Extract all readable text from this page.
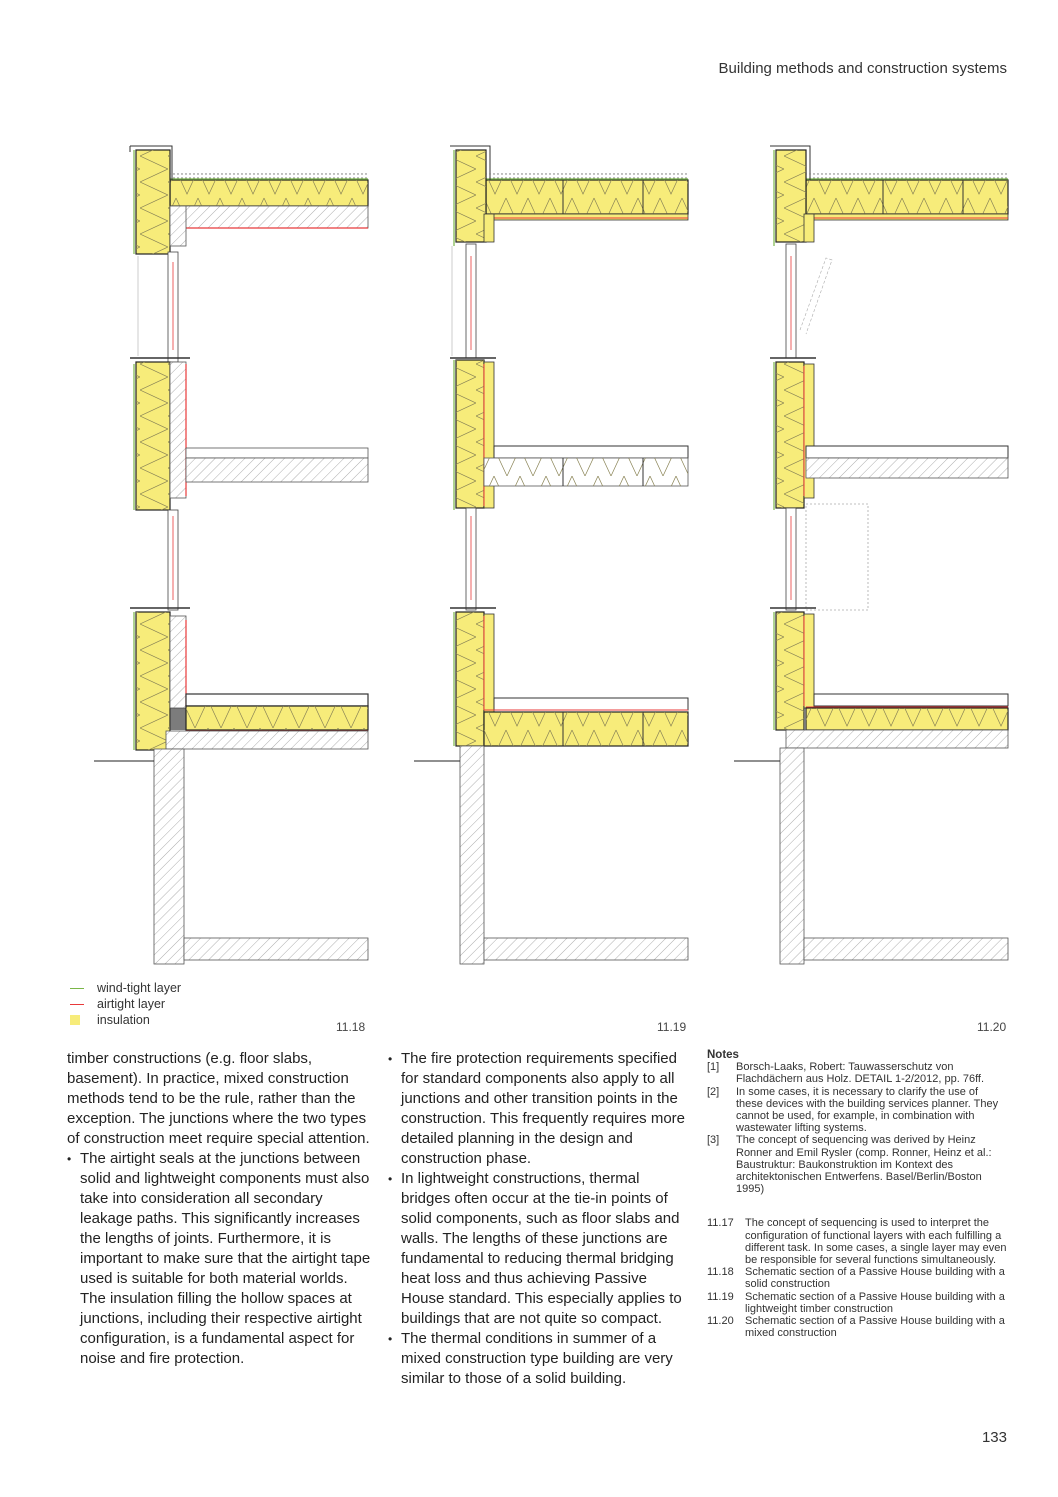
Building methods and construction systems
wind-tight layer
airtight layer
insulation	11.18	11.19	11.20

timber constructions (e.g. floor slabs, basement). In practice, mixed construction methods tend to be the rule, rather than the exception. The junctions where the two types of construction meet require special attention.

• The airtight seals at the junctions between solid and lightweight components must also take into consideration all secondary leakage paths. This significantly increases the lengths of joints. Furthermore, it is important to make sure that the airtight tape used is suitable for both material worlds. The insulation filling the hollow spaces at junctions, including their respective airtight configuration, is a fundamental aspect for noise and fire protection.
• The fire protection requirements specified for standard components also apply to all junctions and other transition points in the construction. This frequently requires more detailed planning in the design and construction phase.
• In lightweight constructions, thermal bridges often occur at the tie-in points of solid components, such as floor slabs and walls. The lengths of these junctions are fundamental to reducing thermal bridging heat loss and thus achieving Passive House standard. This especially applies to buildings that are not quite so compact.
• The thermal conditions in summer of a mixed construction type building are very similar to those of a solid building.
Notes
[1]	Borsch-Laaks, Robert: Tauwasserschutz von Flachdächern aus Holz. DETAIL 1-2/2012, pp. 76ff.
[2]	In some cases, it is necessary to clarify the use of these devices with the building services planner. They cannot be used, for example, in combination with wastewater lifting systems.
[3]	The concept of sequencing was derived by Heinz Ronner and Emil Rysler (comp. Ronner, Heinz et al.: Baustruktur: Baukonstruktion im Kontext des architektonischen Entwerfens. Basel/Berlin/Boston 1995)
11.17	The concept of sequencing is used to interpret the configuration of functional layers with each fulfilling a different task. In some cases, a single layer may even be responsible for several functions simultaneously.
11.18	Schematic section of a Passive House building with a solid construction
11.19	Schematic section of a Passive House building with a lightweight timber construction
11.20	Schematic section of a Passive House building with a mixed construction
133
